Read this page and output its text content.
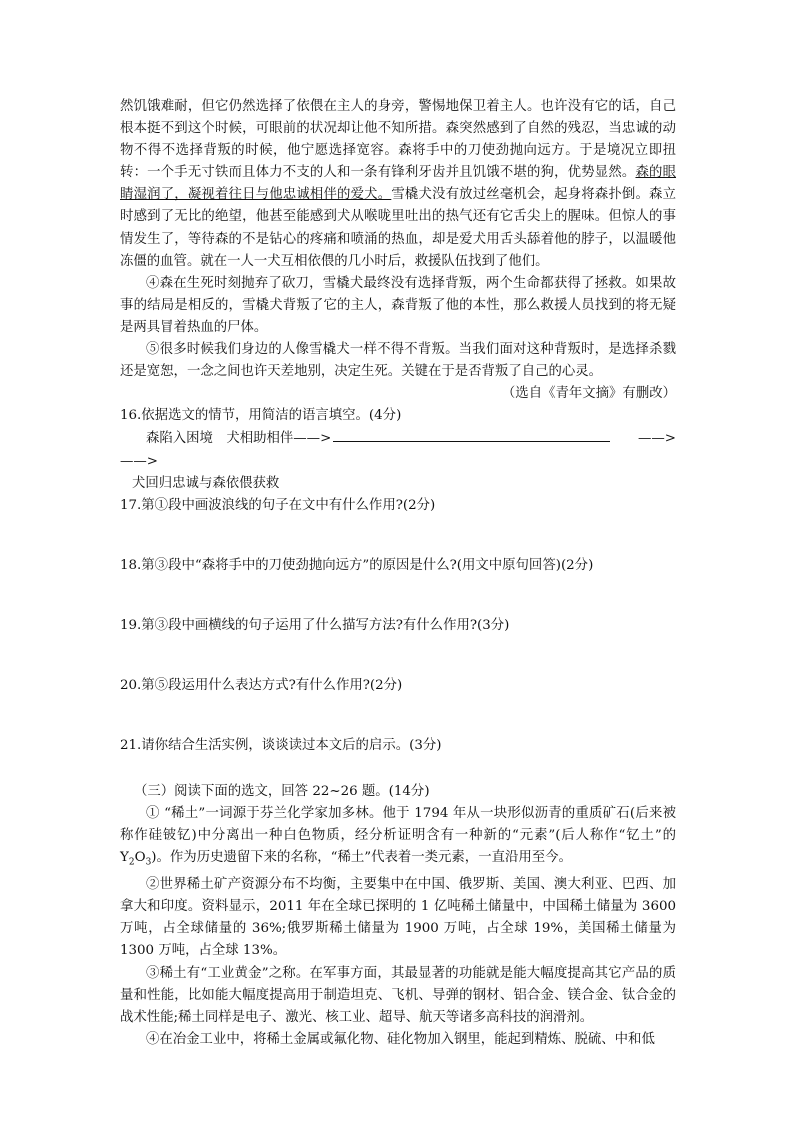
然饥饿难耐，但它仍然选择了依偎在主人的身旁，警惕地保卫着主人。也许没有它的话，自己根本挺不到这个时候，可眼前的状况却让他不知所措。森突然感到了自然的残忍，当忠诚的动物不得不选择背叛的时候，他宁愿选择宽容。森将手中的刀使劲抛向远方。于是境况立即扭转：一个手无寸铁而且体力不支的人和一条有锋利牙齿并且饥饿不堪的狗，优势显然。森的眼睛湿润了，凝视着往日与他忠诚相伴的爱犬。雪橇犬没有放过丝毫机会，起身将森扑倒。森立时感到了无比的绝望，他甚至能感到犬从喉咙里吐出的热气还有它舌尖上的腥味。但惊人的事情发生了，等待森的不是钻心的疼痛和喷涌的热血，却是爱犬用舌头舔着他的脖子，以温暖他冻僵的血管。就在一人一犬互相依偎的几小时后，救援队伍找到了他们。

④森在生死时刻抛弃了砍刀，雪橇犬最终没有选择背叛，两个生命都获得了拯救。如果故事的结局是相反的，雪橇犬背叛了它的主人，森背叛了他的本性，那么救援人员找到的将无疑是两具冒着热血的尸体。

⑤很多时候我们身边的人像雪橇犬一样不得不背叛。当我们面对这种背叛时，是选择杀戮还是宽恕，一念之间也许天差地别，决定生死。关键在于是否背叛了自己的心灵。

（选自《青年文摘》有删改）

16.依据选文的情节，用简洁的语言填空。(4分)

森陷入困境　犬相助相伴——>	——>

——>

犬回归忠诚与森依偎获救

17.第①段中画波浪线的句子在文中有什么作用?(2分)

18.第③段中“森将手中的刀使劲抛向远方”的原因是什么?(用文中原句回答)(2分)

19.第③段中画横线的句子运用了什么描写方法?有什么作用?(3分)

20.第⑤段运用什么表达方式?有什么作用?(2分)

21.请你结合生活实例，谈谈读过本文后的启示。(3分)

（三）阅读下面的选文，回答 22~26 题。(14分)

① “稀土”一词源于芬兰化学家加多林。他于 1794 年从一块形似沥青的重质矿石(后来被称作硅铍钇)中分离出一种白色物质，经分析证明含有一种新的“元素”(后人称作“钇土”的 $Y_2O_3$)。作为历史遗留下来的名称，“稀土”代表着一类元素，一直沿用至今。

②世界稀土矿产资源分布不均衡，主要集中在中国、俄罗斯、美国、澳大利亚、巴西、加拿大和印度。资料显示，2011 年在全球已探明的 1 亿吨稀土储量中，中国稀土储量为 3600 万吨，占全球储量的 36%;俄罗斯稀土储量为 1900 万吨，占全球 19%，美国稀土储量为 1300 万吨，占全球 13%。

③稀土有“工业黄金”之称。在军事方面，其最显著的功能就是能大幅度提高其它产品的质量和性能，比如能大幅度提高用于制造坦克、飞机、导弹的钢材、铝合金、镁合金、钛合金的战术性能;稀土同样是电子、激光、核工业、超导、航天等诸多高科技的润滑剂。

④在冶金工业中，将稀土金属或氟化物、硅化物加入钢里，能起到精炼、脱硫、中和低
